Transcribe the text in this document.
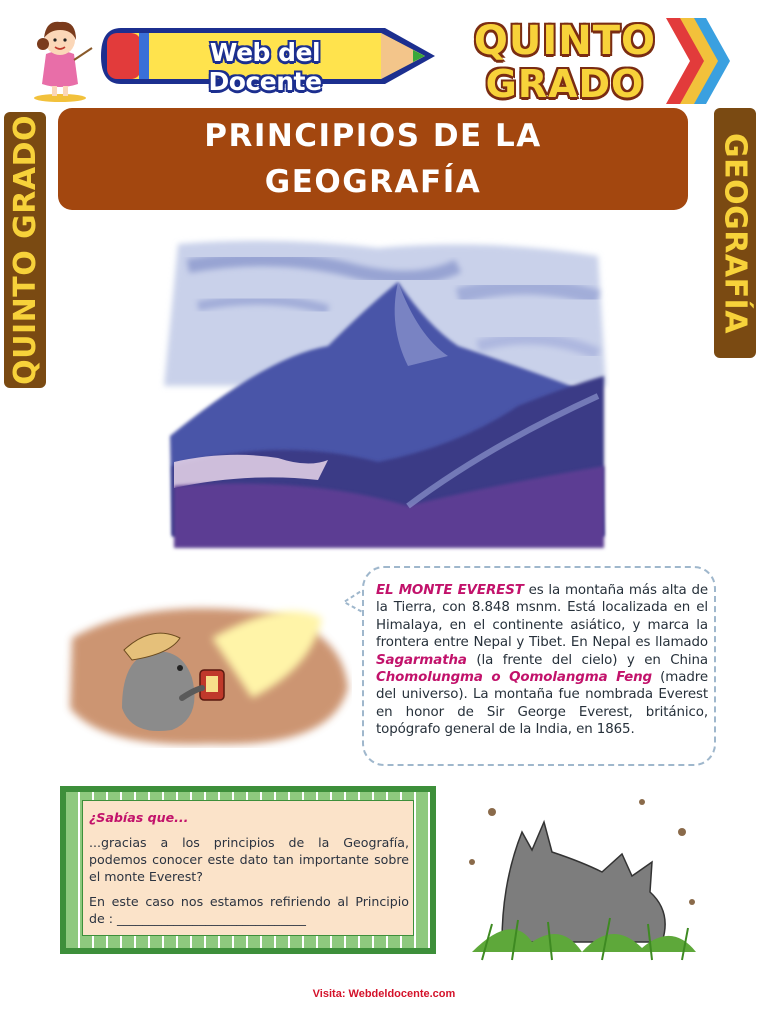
Web del Docente
QUINTO
GRADO
QUINTO GRADO	GEOGRAFÍA
PRINCIPIOS DE LA
GEOGRAFÍA
EL MONTE EVEREST es la montaña más alta de la Tierra, con 8.848 msnm. Está localizada en el Himalaya, en el continente asiático, y marca la frontera entre Nepal y Tibet. En Nepal es llamado Sagarmatha (la frente del cielo) y en China Chomolungma o Qomolangma Feng (madre del universo). La montaña fue nombrada Everest en honor de Sir George Everest, británico, topógrafo general de la India, en 1865.
¿Sabías que...

...gracias a los principios de la Geografía, podemos conocer este dato tan importante sobre el monte Everest?

En este caso nos estamos refiriendo al Principio de : ______________________________

Visita: Webdeldocente.com
